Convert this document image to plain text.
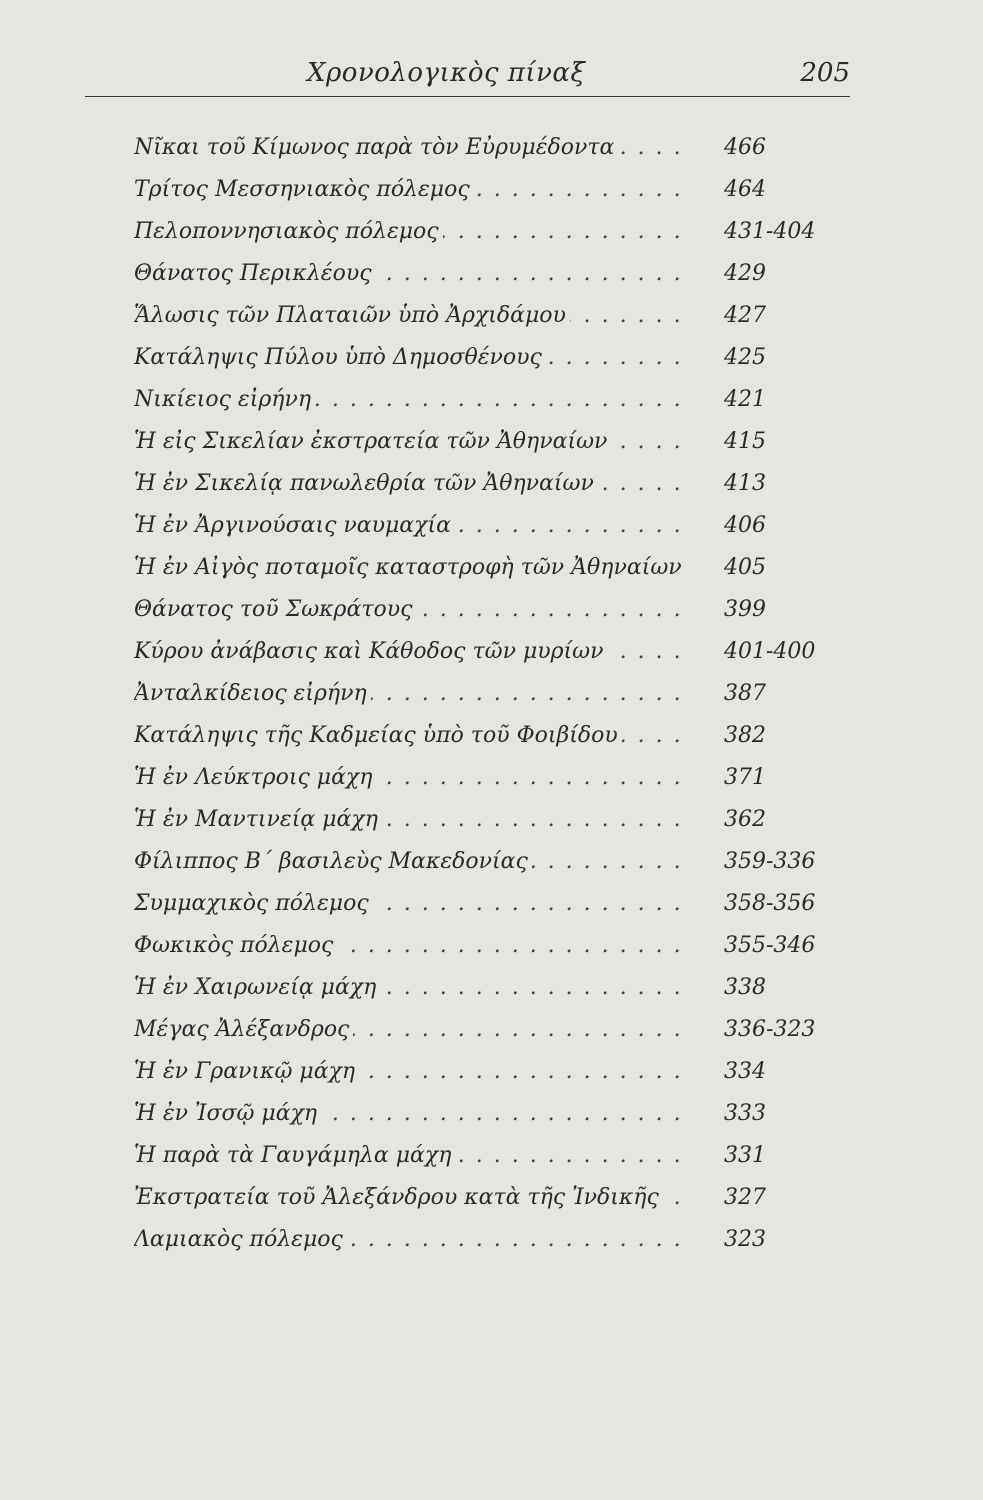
Χρονολογικὸς πίναξ	205
Νῖκαι τοῦ Κίμωνος παρὰ τὸν Εὐρυμέδοντα . . .	466
Τρίτος Μεσσηνιακὸς πόλεμος . . .	464
Πελοποννησιακὸς πόλεμος . . .	431-404
Θάνατος Περικλέους . . .	429
Ἅλωσις τῶν Πλαταιῶν ὑπὸ Ἀρχιδάμου . . .	427
Κατάληψις Πύλου ὑπὸ Δημοσθένους . . .	425
Νικίειος εἰρήνη . . .	421
Ἡ εἰς Σικελίαν ἐκστρατεία τῶν Ἀθηναίων . . .	415
Ἡ ἐν Σικελίᾳ πανωλεθρία τῶν Ἀθηναίων . . .	413
Ἡ ἐν Ἀργινούσαις ναυμαχία . . .	406
Ἡ ἐν Αἰγὸς ποταμοῖς καταστροφὴ τῶν Ἀθηναίων . . .	405
Θάνατος τοῦ Σωκράτους . . .	399
Κύρου ἀνάβασις καὶ Κάθοδος τῶν μυρίων . . .	401-400
Ἀνταλκίδειος εἰρήνη . . .	387
Κατάληψις τῆς Καδμείας ὑπὸ τοῦ Φοιβίδου . . .	382
Ἡ ἐν Λεύκτροις μάχη . . .	371
Ἡ ἐν Μαντινείᾳ μάχη . . .	362
Φίλιππος Β΄ βασιλεὺς Μακεδονίας . . .	359-336
Συμμαχικὸς πόλεμος . . .	358-356
Φωκικὸς πόλεμος . . .	355-346
Ἡ ἐν Χαιρωνείᾳ μάχη . . .	338
Μέγας Ἀλέξανδρος . . .	336-323
Ἡ ἐν Γρανικῷ μάχη . . .	334
Ἡ ἐν Ἰσσῷ μάχη . . .	333
Ἡ παρὰ τὰ Γαυγάμηλα μάχη . . .	331
Ἐκστρατεία τοῦ Ἀλεξάνδρου κατὰ τῆς Ἰνδικῆς . . .	327
Λαμιακὸς πόλεμος . . .	323
